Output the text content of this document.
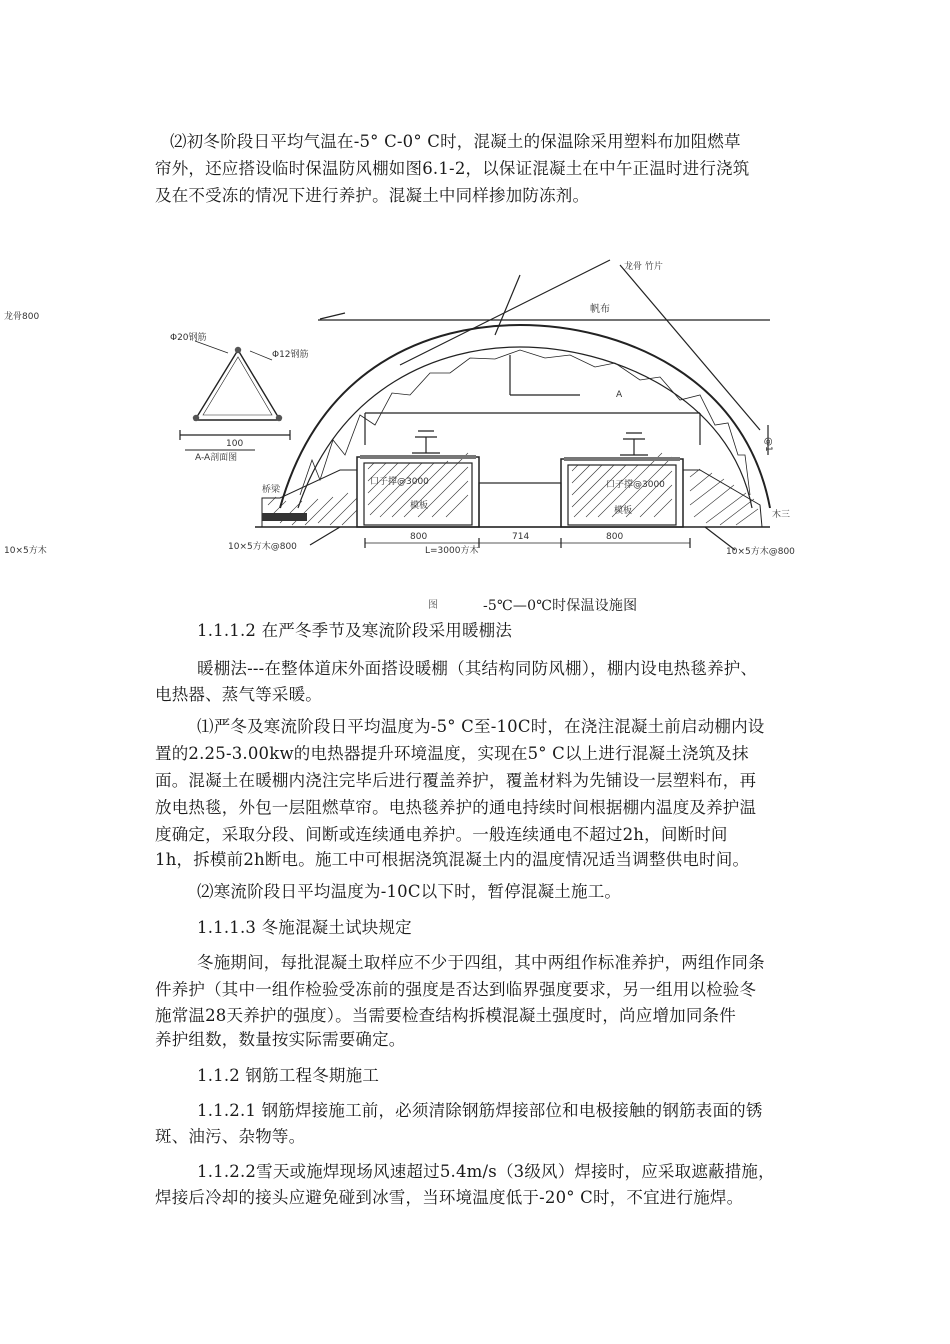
⑵初冬阶段日平均气温在-5° C-0° C时，混凝土的保温除采用塑料布加阻燃草
帘外，还应搭设临时保温防风棚如图6.1-2，以保证混凝土在中午正温时进行浇筑
及在不受冻的情况下进行养护。混凝土中同样掺加防冻剂。
龙骨 竹片
龙骨800
10×5方木
Φ20钢筋
Φ12钢筋
100
A-A剖面图
帆布
A
口子撑@3000	口子撑@3000
模板	模板
桥梁
木三
10×5方木@800	10×5方木@800
800	714	800
L=3000方木
@1
图	-5℃—0℃时保温设施图
1.1.1.2 在严冬季节及寒流阶段采用暖棚法
暖棚法---在整体道床外面搭设暖棚（其结构同防风棚），棚内设电热毯养护、
电热器、蒸气等采暖。
⑴严冬及寒流阶段日平均温度为-5° C至-10C时，在浇注混凝土前启动棚内设
置的2.25-3.00kw的电热器提升环境温度，实现在5° C以上进行混凝土浇筑及抹
面。混凝土在暖棚内浇注完毕后进行覆盖养护，覆盖材料为先铺设一层塑料布，再
放电热毯，外包一层阻燃草帘。电热毯养护的通电持续时间根据棚内温度及养护温
度确定，采取分段、间断或连续通电养护。一般连续通电不超过2h，间断时间
1h，拆模前2h断电。施工中可根据浇筑混凝土内的温度情况适当调整供电时间。
⑵寒流阶段日平均温度为-10C以下时，暂停混凝土施工。
1.1.1.3 冬施混凝土试块规定
冬施期间，每批混凝土取样应不少于四组，其中两组作标准养护，两组作同条
件养护（其中一组作检验受冻前的强度是否达到临界强度要求，另一组用以检验冬
施常温28天养护的强度）。当需要检查结构拆模混凝土强度时，尚应增加同条件
养护组数，数量按实际需要确定。
1.1.2 钢筋工程冬期施工
1.1.2.1 钢筋焊接施工前，必须清除钢筋焊接部位和电极接触的钢筋表面的锈
斑、油污、杂物等。
1.1.2.2雪天或施焊现场风速超过5.4m/s（3级风）焊接时，应采取遮蔽措施，
焊接后冷却的接头应避免碰到冰雪，当环境温度低于-20° C时，不宜进行施焊。
